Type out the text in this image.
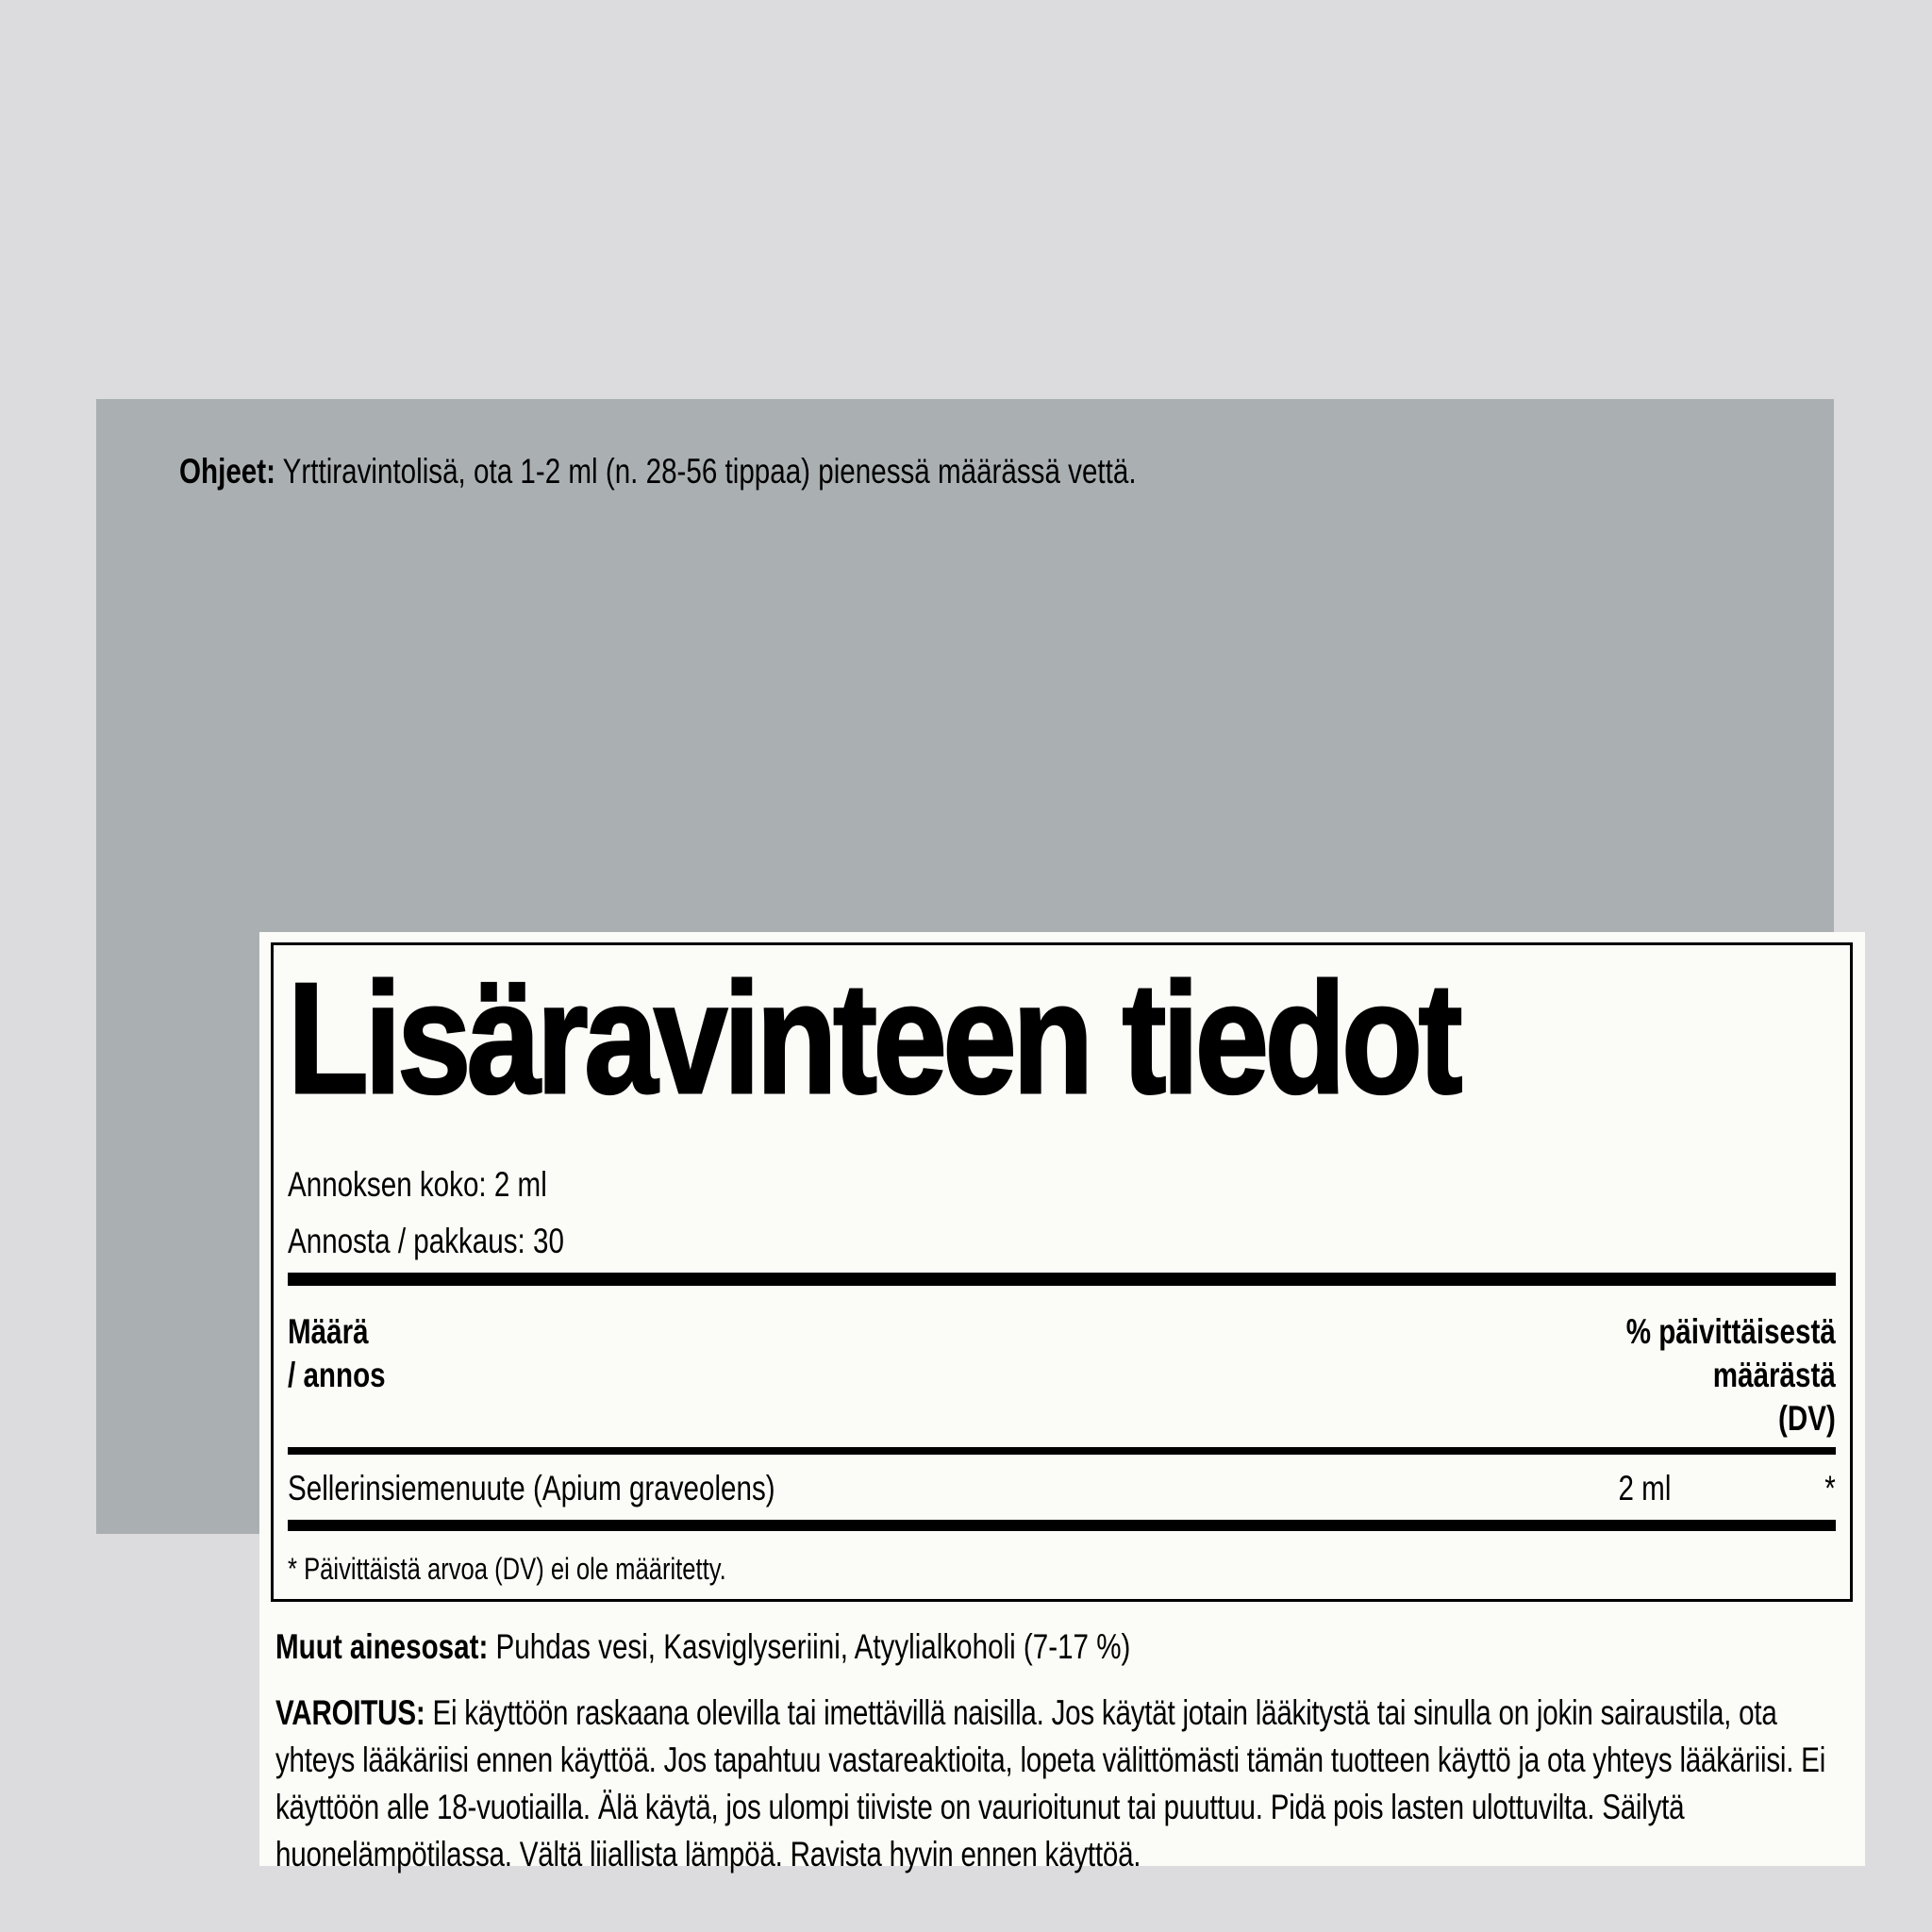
Ohjeet: Yrttiravintolisä, ota 1-2 ml (n. 28-56 tippaa) pienessä määrässä vettä.
Lisäravinteen tiedot
Annoksen koko: 2 ml
Annosta / pakkaus: 30
Määrä
/ annos
% päivittäisestä
määrästä
(DV)
Sellerinsiemenuute (Apium graveolens)	2 ml	*
* Päivittäistä arvoa (DV) ei ole määritetty.
Muut ainesosat: Puhdas vesi, Kasviglyseriini, Atyylialkoholi (7-17 %)
VAROITUS: Ei käyttöön raskaana olevilla tai imettävillä naisilla. Jos käytät jotain lääkitystä tai sinulla on jokin sairaustila, ota yhteys lääkäriisi ennen käyttöä. Jos tapahtuu vastareaktioita, lopeta välittömästi tämän tuotteen käyttö ja ota yhteys lääkäriisi. Ei käyttöön alle 18-vuotiailla. Älä käytä, jos ulompi tiiviste on vaurioitunut tai puuttuu. Pidä pois lasten ulottuvilta. Säilytä huonelämpötilassa. Vältä liiallista lämpöä. Ravista hyvin ennen käyttöä.
